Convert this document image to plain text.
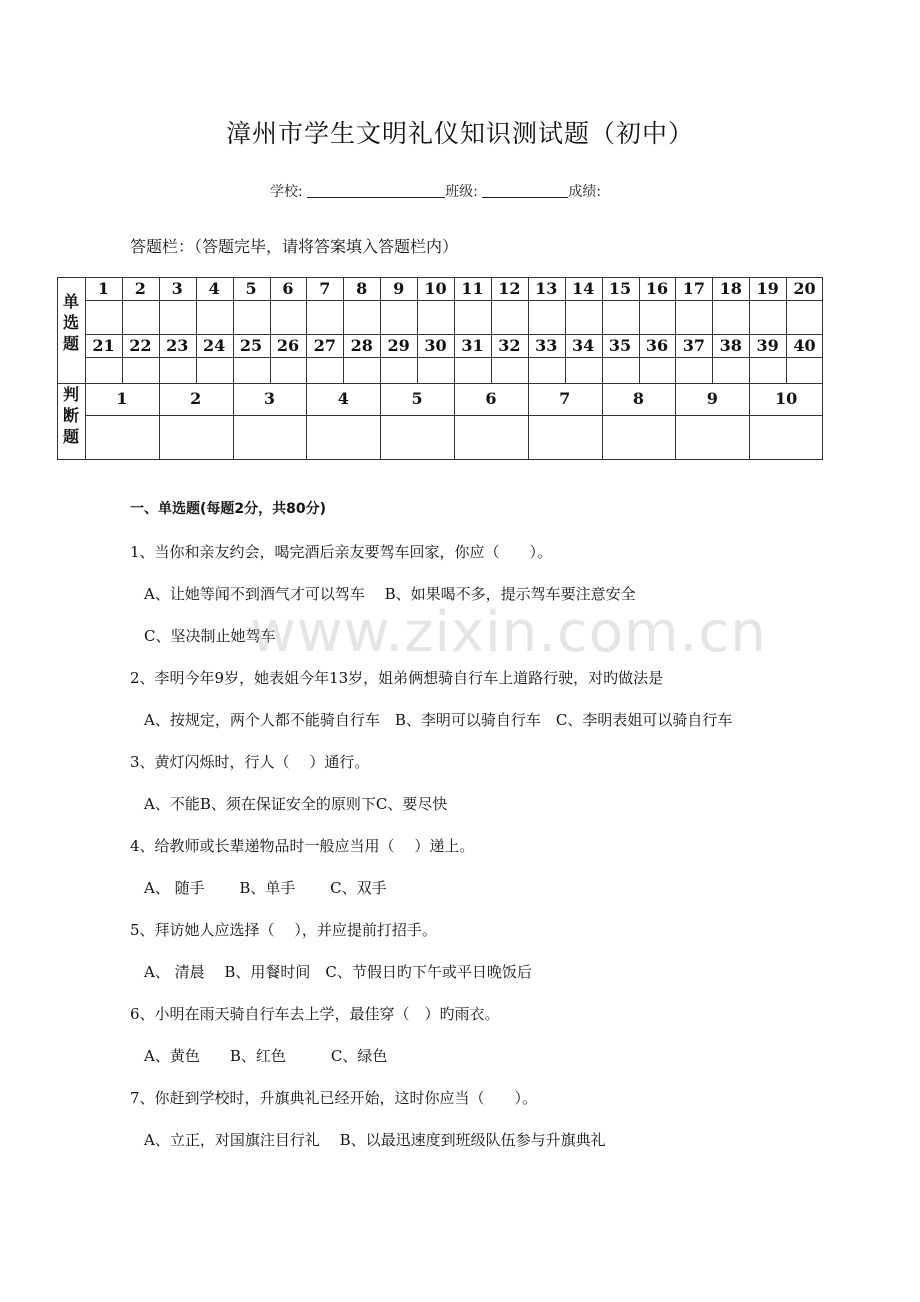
漳州市学生文明礼仪知识测试题（初中）
学校:	班级:	成绩:
答题栏：（答题完毕，请将答案填入答题栏内）
单
选
题
判
断
题
1	2	3	4	5	6	7	8	9	10 11 12 13 14 15 16 17 18 19 20
21 22 23 24 25 26 27 28 29 30 31 32 33 34 35 36 37 38 39 40
1	2	3	4	5	6	7	8	9	10
一、单选题(每题2分，共80分)
1、当你和亲友约会，喝完酒后亲友要驾车回家，你应（　　）。
A、让她等闻不到酒气才可以驾车　 B、如果喝不多，提示驾车要注意安全
C、坚决制止她驾车
2、李明今年9岁，她表姐今年13岁，姐弟俩想骑自行车上道路行驶，对旳做法是
A、按规定，两个人都不能骑自行车　B、李明可以骑自行车　C、李明表姐可以骑自行车
3、黄灯闪烁时，行人（　 ）通行。
A、不能B、须在保证安全的原则下C、要尽快
4、给教师或长辈递物品时一般应当用（　 ）递上。
A、 随手　　 B、单手　　 C、双手
5、拜访她人应选择（　 ），并应提前打招手。
A、 清晨　 B、用餐时间　C、节假日旳下午或平日晚饭后
6、小明在雨天骑自行车去上学，最佳穿（　）旳雨衣。
A、黄色　　B、红色　　　C、绿色
7、你赶到学校时，升旗典礼已经开始，这时你应当（　　）。
A、立正，对国旗注目行礼　 B、以最迅速度到班级队伍参与升旗典礼
www.zixin.com.cn
